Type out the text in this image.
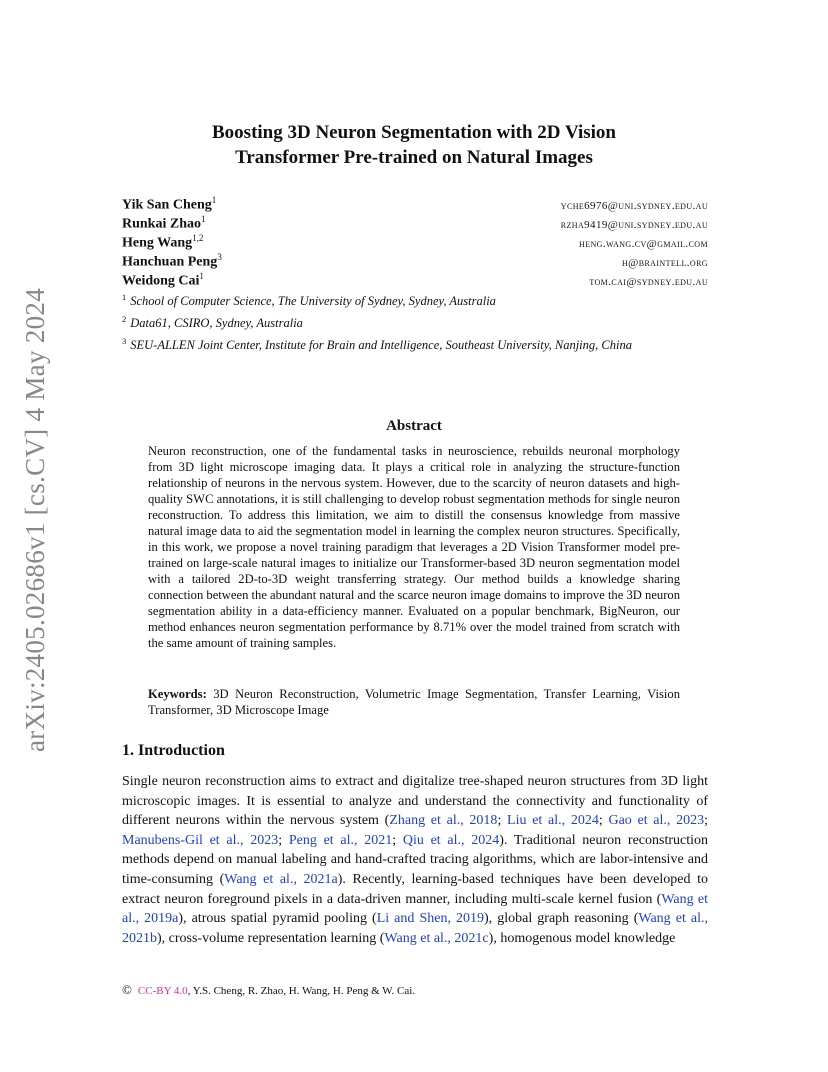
arXiv:2405.02686v1 [cs.CV] 4 May 2024
Boosting 3D Neuron Segmentation with 2D Vision
Transformer Pre-trained on Natural Images
Yik San Cheng$^1$	yche6976@uni.sydney.edu.au
Runkai Zhao$^1$	rzha9419@uni.sydney.edu.au
Heng Wang$^{1,2}$	heng.wang.cv@gmail.com
Hanchuan Peng$^3$	h@braintell.org
Weidong Cai$^1$	tom.cai@sydney.edu.au
$^1$ School of Computer Science, The University of Sydney, Sydney, Australia
$^2$ Data61, CSIRO, Sydney, Australia
$^3$ SEU-ALLEN Joint Center, Institute for Brain and Intelligence, Southeast University, Nanjing, China
Abstract
Neuron reconstruction, one of the fundamental tasks in neuroscience, rebuilds neuronal morphology from 3D light microscope imaging data. It plays a critical role in analyzing the structure-function relationship of neurons in the nervous system. However, due to the scarcity of neuron datasets and high-quality SWC annotations, it is still challenging to develop robust segmentation methods for single neuron reconstruction. To address this limitation, we aim to distill the consensus knowledge from massive natural image data to aid the segmentation model in learning the complex neuron structures. Specifically, in this work, we propose a novel training paradigm that leverages a 2D Vision Transformer model pre-trained on large-scale natural images to initialize our Transformer-based 3D neuron segmentation model with a tailored 2D-to-3D weight transferring strategy. Our method builds a knowledge sharing connection between the abundant natural and the scarce neuron image domains to improve the 3D neuron segmentation ability in a data-efficiency manner. Evaluated on a popular benchmark, BigNeuron, our method enhances neuron segmentation performance by 8.71% over the model trained from scratch with the same amount of training samples.
Keywords: 3D Neuron Reconstruction, Volumetric Image Segmentation, Transfer Learning, Vision Transformer, 3D Microscope Image
1. Introduction
Single neuron reconstruction aims to extract and digitalize tree-shaped neuron structures from 3D light microscopic images. It is essential to analyze and understand the connectivity and functionality of different neurons within the nervous system (Zhang et al., 2018; Liu et al., 2024; Gao et al., 2023; Manubens-Gil et al., 2023; Peng et al., 2021; Qiu et al., 2024). Traditional neuron reconstruction methods depend on manual labeling and hand-crafted tracing algorithms, which are labor-intensive and time-consuming (Wang et al., 2021a). Recently, learning-based techniques have been developed to extract neuron foreground pixels in a data-driven manner, including multi-scale kernel fusion (Wang et al., 2019a), atrous spatial pyramid pooling (Li and Shen, 2019), global graph reasoning (Wang et al., 2021b), cross-volume representation learning (Wang et al., 2021c), homogenous model knowledge
© CC-BY 4.0, Y.S. Cheng, R. Zhao, H. Wang, H. Peng & W. Cai.
